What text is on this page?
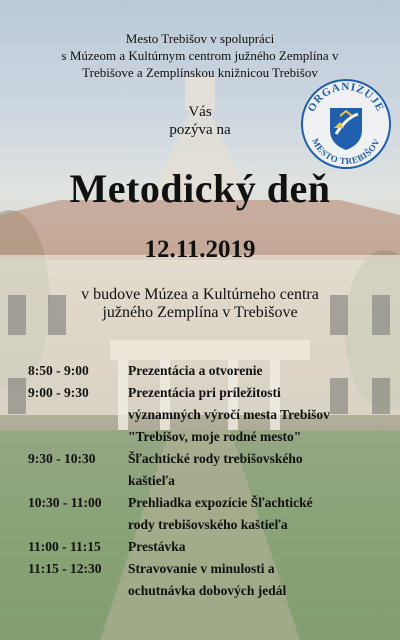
Mesto Trebišov v spolupráci
s Múzeom a Kultúrnym centrom južného Zemplína v
Trebišove a Zemplínskou knižnicou Trebišov
Vás
pozýva na
ORGANIZUJE
MESTO TREBIŠOV
Metodický deň
12.11.2019
v budove Múzea a Kultúrneho centra
južného Zemplína v Trebišove
8:50 - 9:00	Prezentácia a otvorenie
9:00 - 9:30	Prezentácia pri príležitosti
významných výročí mesta Trebišov
"Trebišov, moje rodné mesto"
9:30 - 10:30	Šľachtické rody trebišovského
kaštieľa
10:30 - 11:00	Prehliadka expozície Šľachtické
rody trebišovského kaštieľa
11:00 - 11:15	Prestávka
11:15 - 12:30	Stravovanie v minulosti a
ochutnávka dobových jedál
